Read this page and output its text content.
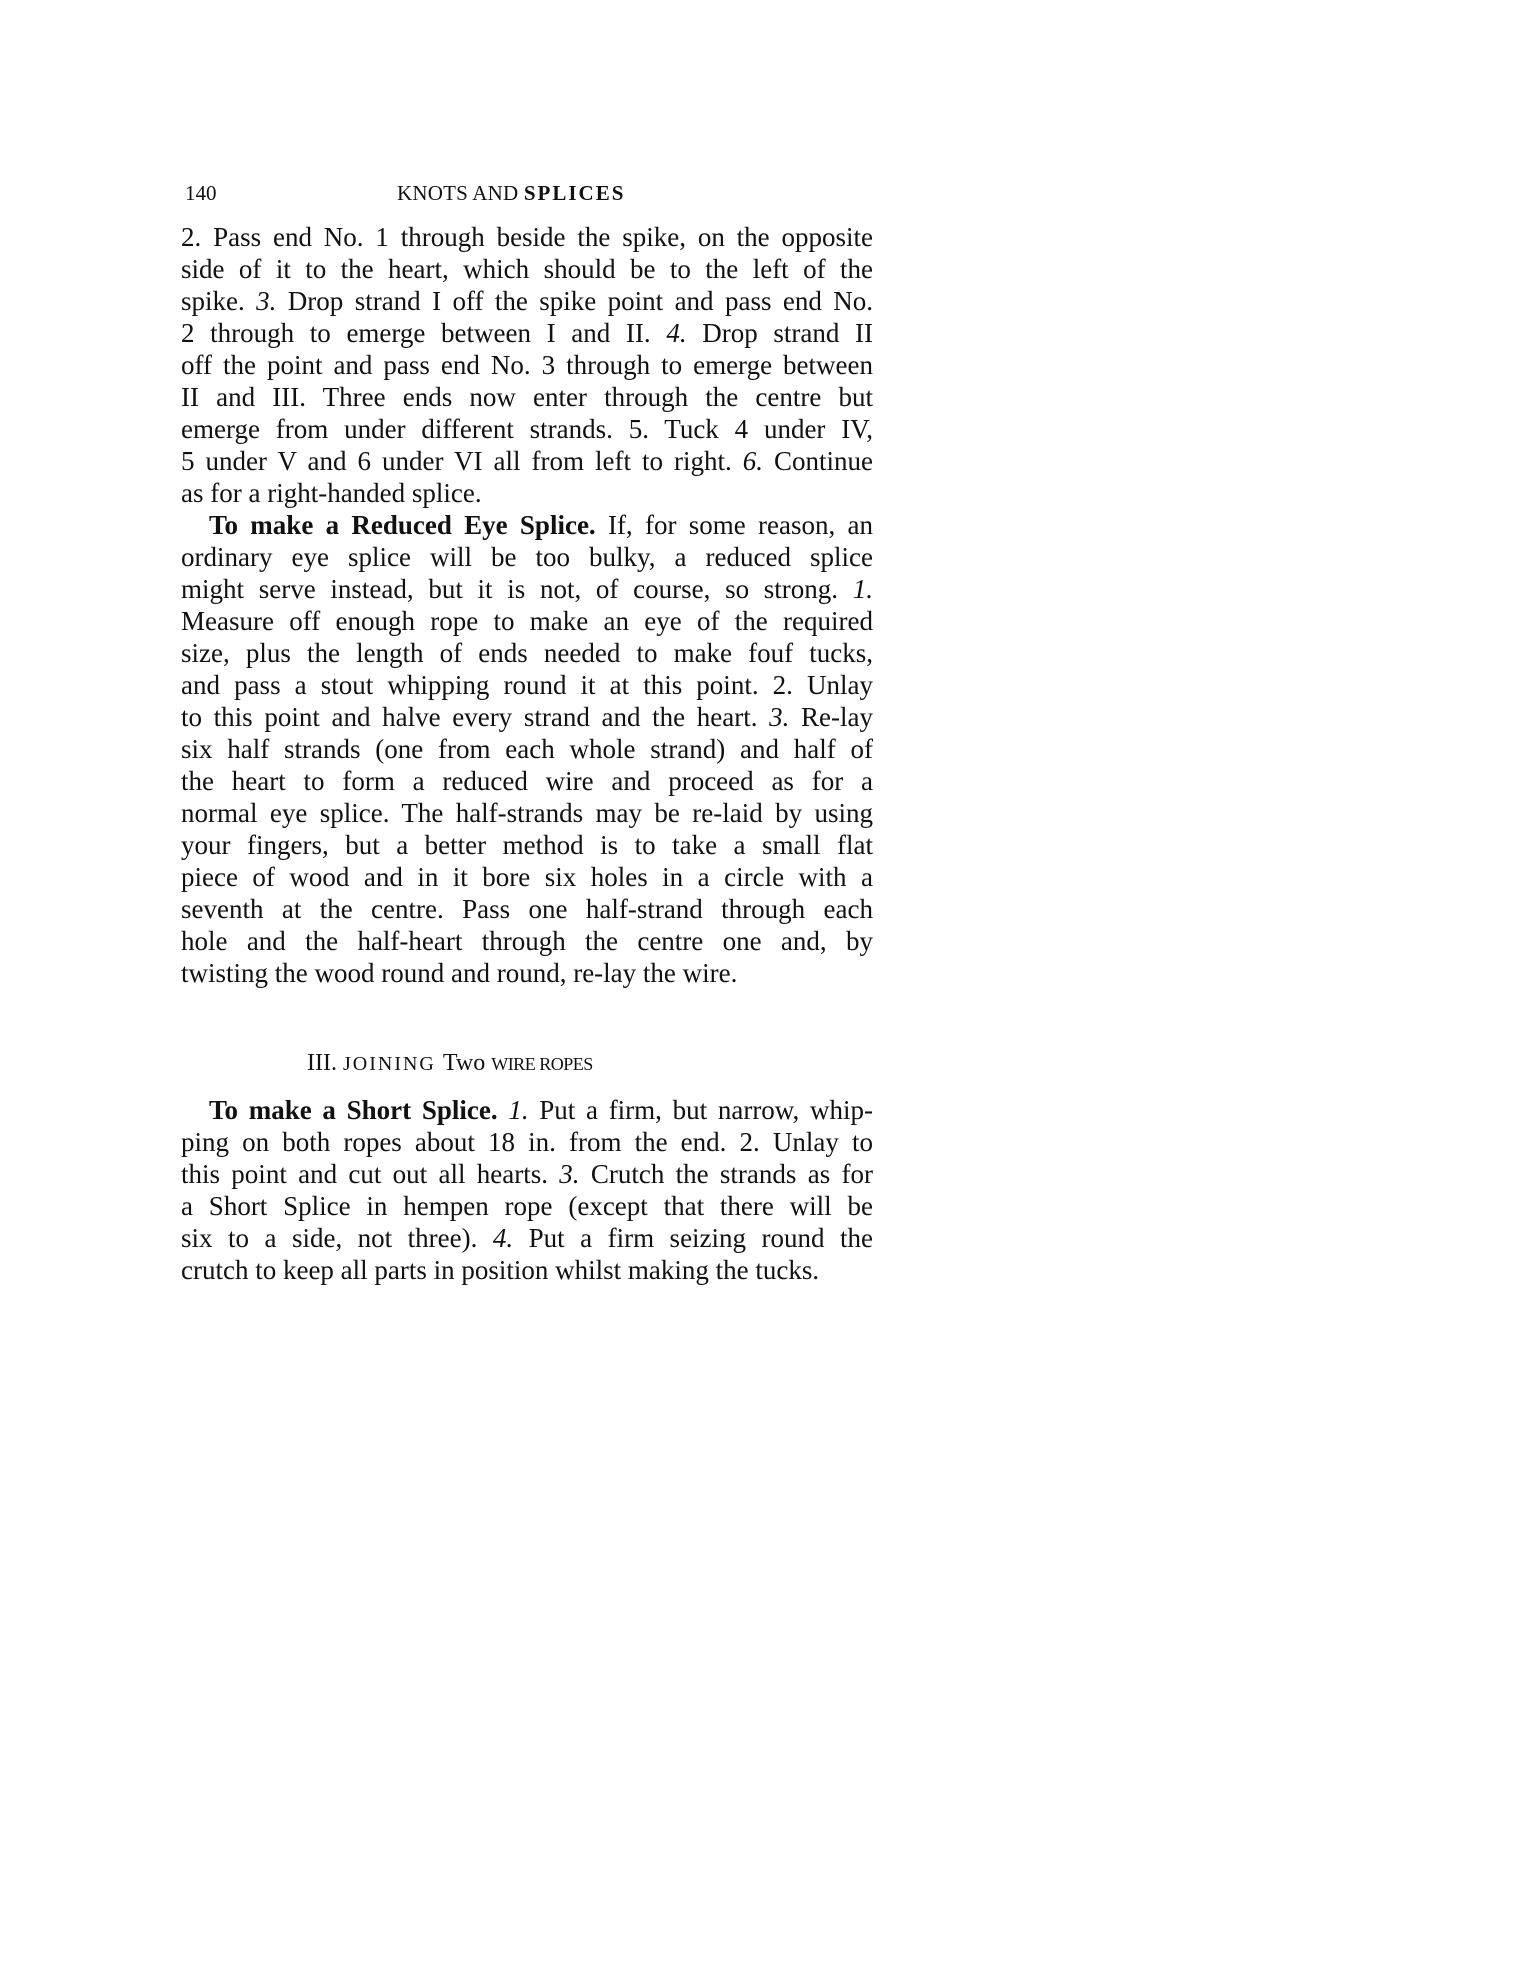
140	KNOTS AND SPLICES
2. Pass end No. 1 through beside the spike, on the opposite
side of it to the heart, which should be to the left of the
spike. 3. Drop strand I off the spike point and pass end No.
2 through to emerge between I and II. 4. Drop strand II
off the point and pass end No. 3 through to emerge between
II and III. Three ends now enter through the centre but
emerge from under different strands. 5. Tuck 4 under IV,
5 under V and 6 under VI all from left to right. 6. Continue
as for a right-handed splice.
To make a Reduced Eye Splice. If, for some reason, an
ordinary eye splice will be too bulky, a reduced splice
might serve instead, but it is not, of course, so strong. 1.
Measure off enough rope to make an eye of the required
size, plus the length of ends needed to make fouf tucks,
and pass a stout whipping round it at this point. 2. Unlay
to this point and halve every strand and the heart. 3. Re-lay
six half strands (one from each whole strand) and half of
the heart to form a reduced wire and proceed as for a
normal eye splice. The half-strands may be re-laid by using
your fingers, but a better method is to take a small flat
piece of wood and in it bore six holes in a circle with a
seventh at the centre. Pass one half-strand through each
hole and the half-heart through the centre one and, by
twisting the wood round and round, re-lay the wire.
III. JOINING Two WIRE ROPES
To make a Short Splice. 1. Put a firm, but narrow, whip-
ping on both ropes about 18 in. from the end. 2. Unlay to
this point and cut out all hearts. 3. Crutch the strands as for
a Short Splice in hempen rope (except that there will be
six to a side, not three). 4. Put a firm seizing round the
crutch to keep all parts in position whilst making the tucks.
